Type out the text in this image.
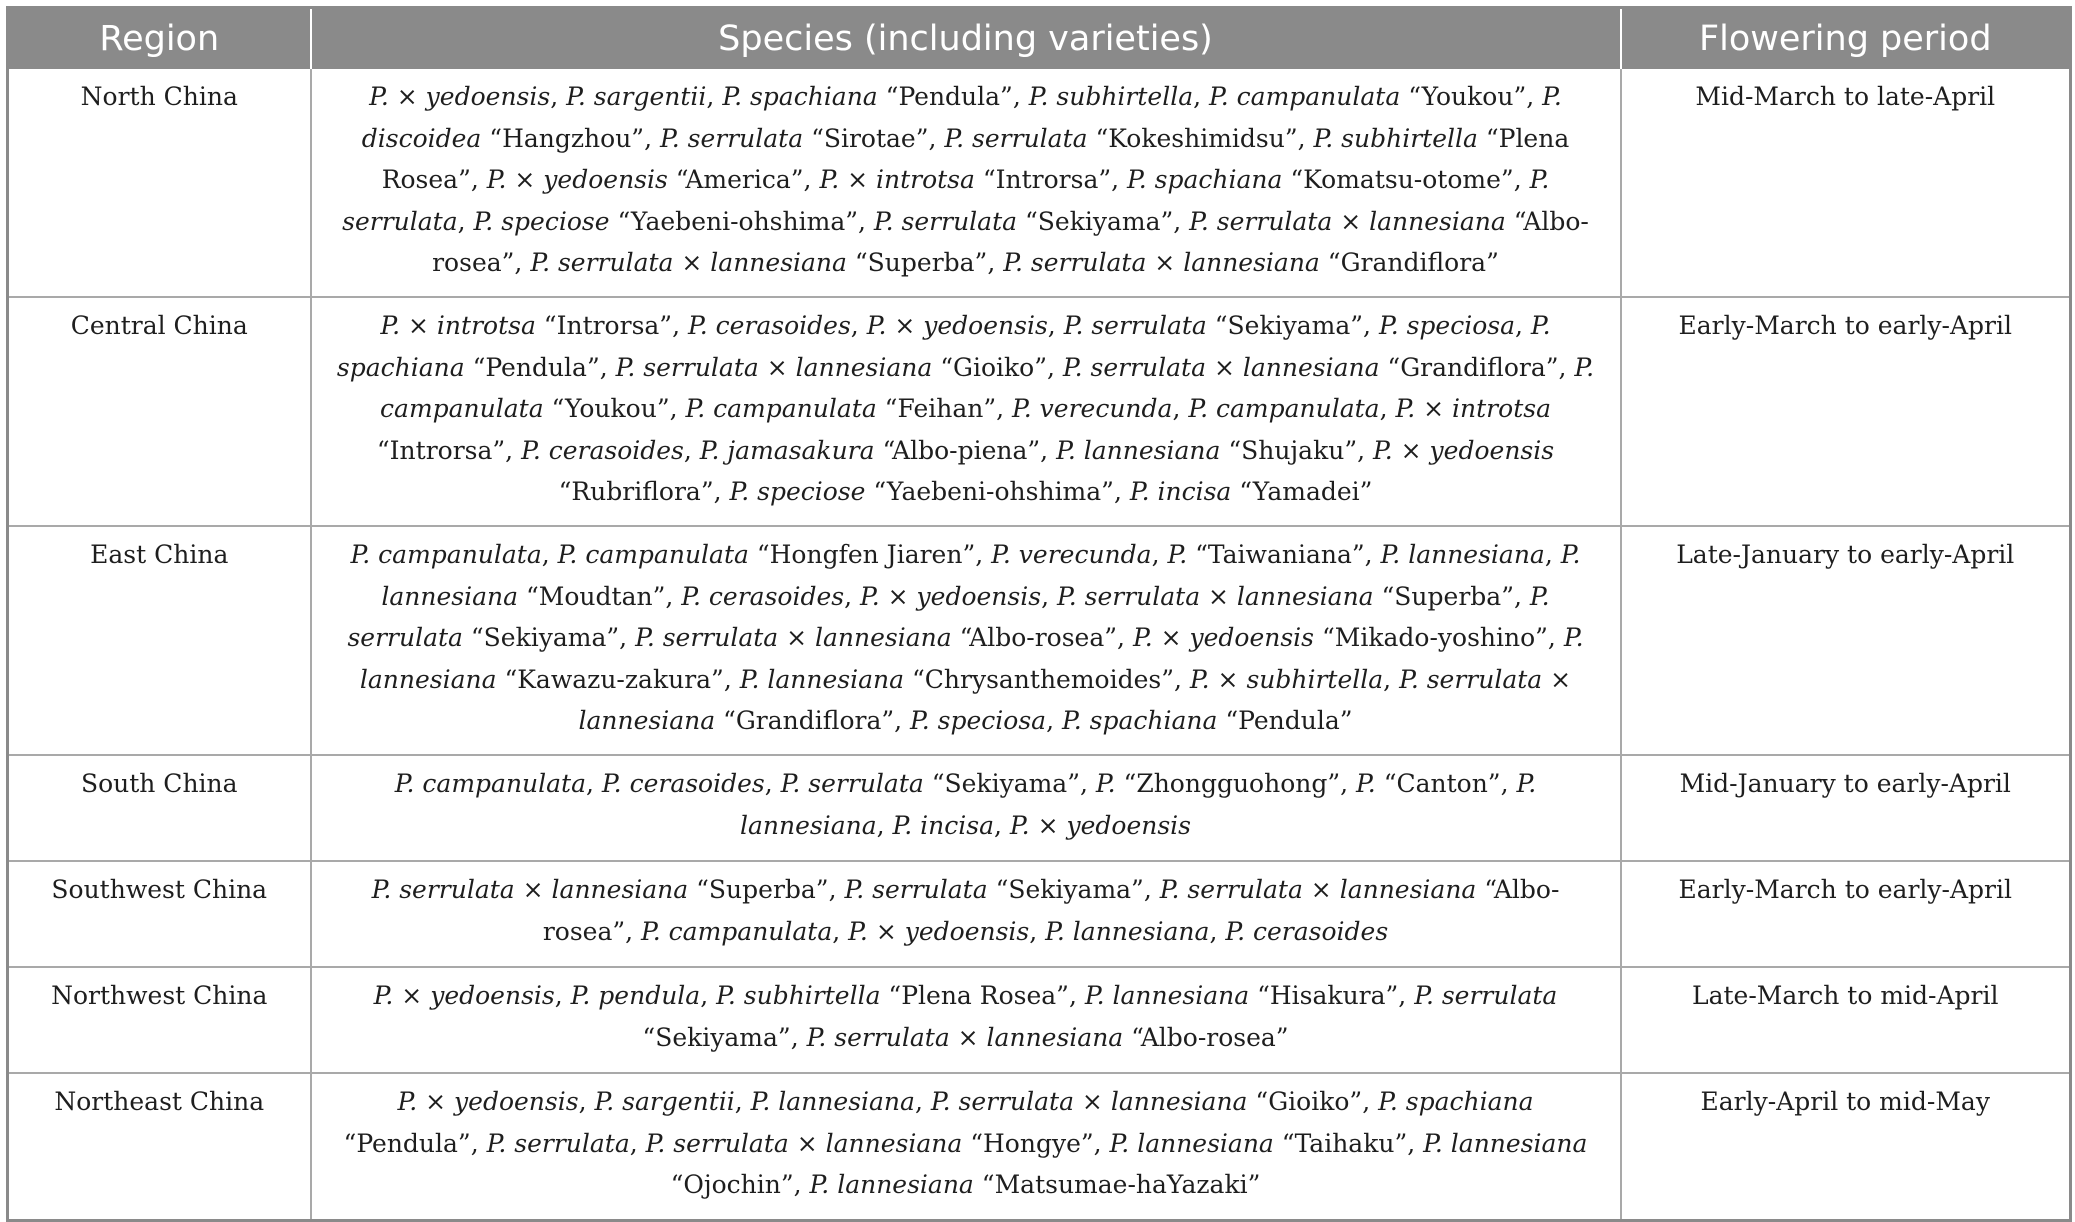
Region	Species (including varieties)	Flowering period
North China	P. × yedoensis, P. sargentii, P. spachiana “Pendula”, P. subhirtella, P. campanulata “Youkou”, P. discoidea “Hangzhou”, P. serrulata “Sirotae”, P. serrulata “Kokeshimidsu”, P. subhirtella “Plena Rosea”, P. × yedoensis “America”, P. × introtsa “Introrsa”, P. spachiana “Komatsu-otome”, P. serrulata, P. speciose “Yaebeni-ohshima”, P. serrulata “Sekiyama”, P. serrulata × lannesiana “Albo-rosea”, P. serrulata × lannesiana “Superba”, P. serrulata × lannesiana “Grandiflora”	Mid-March to late-April
Central China	P. × introtsa “Introrsa”, P. cerasoides, P. × yedoensis, P. serrulata “Sekiyama”, P. speciosa, P. spachiana “Pendula”, P. serrulata × lannesiana “Gioiko”, P. serrulata × lannesiana “Grandiflora”, P. campanulata “Youkou”, P. campanulata “Feihan”, P. verecunda, P. campanulata, P. × introtsa “Introrsa”, P. cerasoides, P. jamasakura “Albo-piena”, P. lannesiana “Shujaku”, P. × yedoensis “Rubriflora”, P. speciose “Yaebeni-ohshima”, P. incisa “Yamadei”	Early-March to early-April
East China	P. campanulata, P. campanulata “Hongfen Jiaren”, P. verecunda, P. “Taiwaniana”, P. lannesiana, P. lannesiana “Moudtan”, P. cerasoides, P. × yedoensis, P. serrulata × lannesiana “Superba”, P. serrulata “Sekiyama”, P. serrulata × lannesiana “Albo-rosea”, P. × yedoensis “Mikado-yoshino”, P. lannesiana “Kawazu-zakura”, P. lannesiana “Chrysanthemoides”, P. × subhirtella, P. serrulata × lannesiana “Grandiflora”, P. speciosa, P. spachiana “Pendula”	Late-January to early-April
South China	P. campanulata, P. cerasoides, P. serrulata “Sekiyama”, P. “Zhongguohong”, P. “Canton”, P. lannesiana, P. incisa, P. × yedoensis	Mid-January to early-April
Southwest China	P. serrulata × lannesiana “Superba”, P. serrulata “Sekiyama”, P. serrulata × lannesiana “Albo-rosea”, P. campanulata, P. × yedoensis, P. lannesiana, P. cerasoides	Early-March to early-April
Northwest China	P. × yedoensis, P. pendula, P. subhirtella “Plena Rosea”, P. lannesiana “Hisakura”, P. serrulata “Sekiyama”, P. serrulata × lannesiana “Albo-rosea”	Late-March to mid-April
Northeast China	P. × yedoensis, P. sargentii, P. lannesiana, P. serrulata × lannesiana “Gioiko”, P. spachiana “Pendula”, P. serrulata, P. serrulata × lannesiana “Hongye”, P. lannesiana “Taihaku”, P. lannesiana “Ojochin”, P. lannesiana “Matsumae-haYazaki”	Early-April to mid-May
